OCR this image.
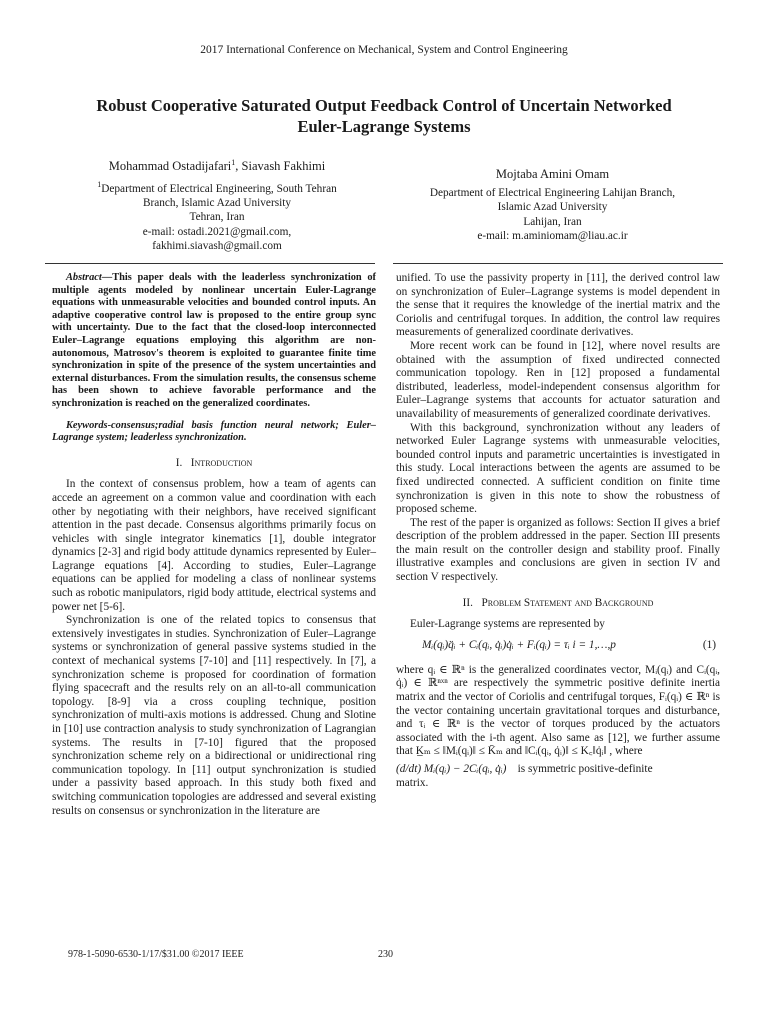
2017 International Conference on Mechanical, System and Control Engineering
Robust Cooperative Saturated Output Feedback Control of Uncertain Networked
Euler-Lagrange Systems
Mohammad Ostadijafari$^1$, Siavash Fakhimi
$^1$Department of Electrical Engineering, South Tehran
Branch, Islamic Azad University
Tehran, Iran
e-mail: ostadi.2021@gmail.com,
fakhimi.siavash@gmail.com
Mojtaba Amini Omam
Department of Electrical Engineering Lahijan Branch,
Islamic Azad University
Lahijan, Iran
e-mail: m.aminiomam@liau.ac.ir

Abstract—This paper deals with the leaderless synchronization of multiple agents modeled by nonlinear uncertain Euler-Lagrange equations with unmeasurable velocities and bounded control inputs. An adaptive cooperative control law is proposed to the entire group sync with uncertainty. Due to the fact that the closed-loop interconnected Euler–Lagrange equations employing this algorithm are non-autonomous, Matrosov's theorem is exploited to guarantee finite time synchronization in spite of the presence of the system uncertainties and external disturbances. From the simulation results, the consensus scheme has been shown to achieve favorable performance and the synchronization is reached on the generalized coordinates.

Keywords-consensus;radial basis function neural network; Euler–Lagrange system; leaderless synchronization.

I. Introduction

In the context of consensus problem, how a team of agents can accede an agreement on a common value and coordination with each other by negotiating with their neighbors, have received significant attention in the past decade. Consensus algorithms primarily focus on vehicles with single integrator kinematics [1], double integrator dynamics [2-3] and rigid body attitude dynamics represented by Euler–Lagrange equations [4]. According to studies, Euler–Lagrange equations can be applied for modeling a class of nonlinear systems such as robotic manipulators, rigid body attitude, electrical systems and power net [5-6].

Synchronization is one of the related topics to consensus that extensively investigates in studies. Synchronization of Euler–Lagrange systems or synchronization of general passive systems studied in the context of mechanical systems [7-10] and [11] respectively. In [7], a synchronization scheme is proposed for coordination of formation flying spacecraft and the results rely on an all-to-all communication topology. [8-9] via a cross coupling technique, position synchronization of multi-axis motions is addressed. Chung and Slotine in [10] use contraction analysis to study synchronization of Lagrangian systems. The results in [7-10] figured that the proposed synchronization scheme rely on a bidirectional or unidirectional ring communication topology. In [11] output synchronization is studied under a passivity based approach. In this study both fixed and switching communication topologies are addressed and several existing results on consensus or synchronization in the literature are

unified. To use the passivity property in [11], the derived control law on synchronization of Euler–Lagrange systems is model dependent in the sense that it requires the knowledge of the inertial matrix and the Coriolis and centrifugal torques. In addition, the control law requires measurements of generalized coordinate derivatives.

More recent work can be found in [12], where novel results are obtained with the assumption of fixed undirected connected communication topology. Ren in [12] proposed a fundamental distributed, leaderless, model-independent consensus algorithm for Euler–Lagrange systems that accounts for actuator saturation and unavailability of measurements of generalized coordinate derivatives.

With this background, synchronization without any leaders of networked Euler Lagrange systems with unmeasurable velocities, bounded control inputs and parametric uncertainties is investigated in this study. Local interactions between the agents are assumed to be fixed undirected connected. A sufficient condition on finite time synchronization is given in this note to show the robustness of proposed scheme.

The rest of the paper is organized as follows: Section II gives a brief description of the problem addressed in the paper. Section III presents the main result on the controller design and stability proof. Finally illustrative examples and conclusions are given in section IV and section V respectively.

II. Problem Statement and Background

Euler-Lagrange systems are represented by

Mᵢ(qᵢ)q̈ᵢ + Cᵢ(qᵢ, q̇ᵢ)q̇ᵢ + Fᵢ(qᵢ) = τᵢ i = 1,…,p	(1)

where qᵢ ∈ ℝⁿ is the generalized coordinates vector, Mᵢ(qᵢ) and Cᵢ(qᵢ, q̇ᵢ) ∈ ℝⁿˣⁿ are respectively the symmetric positive definite inertia matrix and the vector of Coriolis and centrifugal torques, Fᵢ(qᵢ) ∈ ℝⁿ is the vector containing uncertain gravitational torques and disturbance, and τᵢ ∈ ℝⁿ is the vector of torques produced by the actuators associated with the i-th agent. Also same as [12], we further assume that K̲ₘ ≤ ‖Mᵢ(qᵢ)‖ ≤ K̄ₘ and ‖Cᵢ(qᵢ, q̇ᵢ)‖ ≤ K꜀‖q̇ᵢ‖ , where

(d/dt) Mᵢ(qᵢ) − 2Cᵢ(qᵢ, q̇ᵢ) is symmetric positive-definite

matrix.

978-1-5090-6530-1/17/$31.00 ©2017 IEEE	230
